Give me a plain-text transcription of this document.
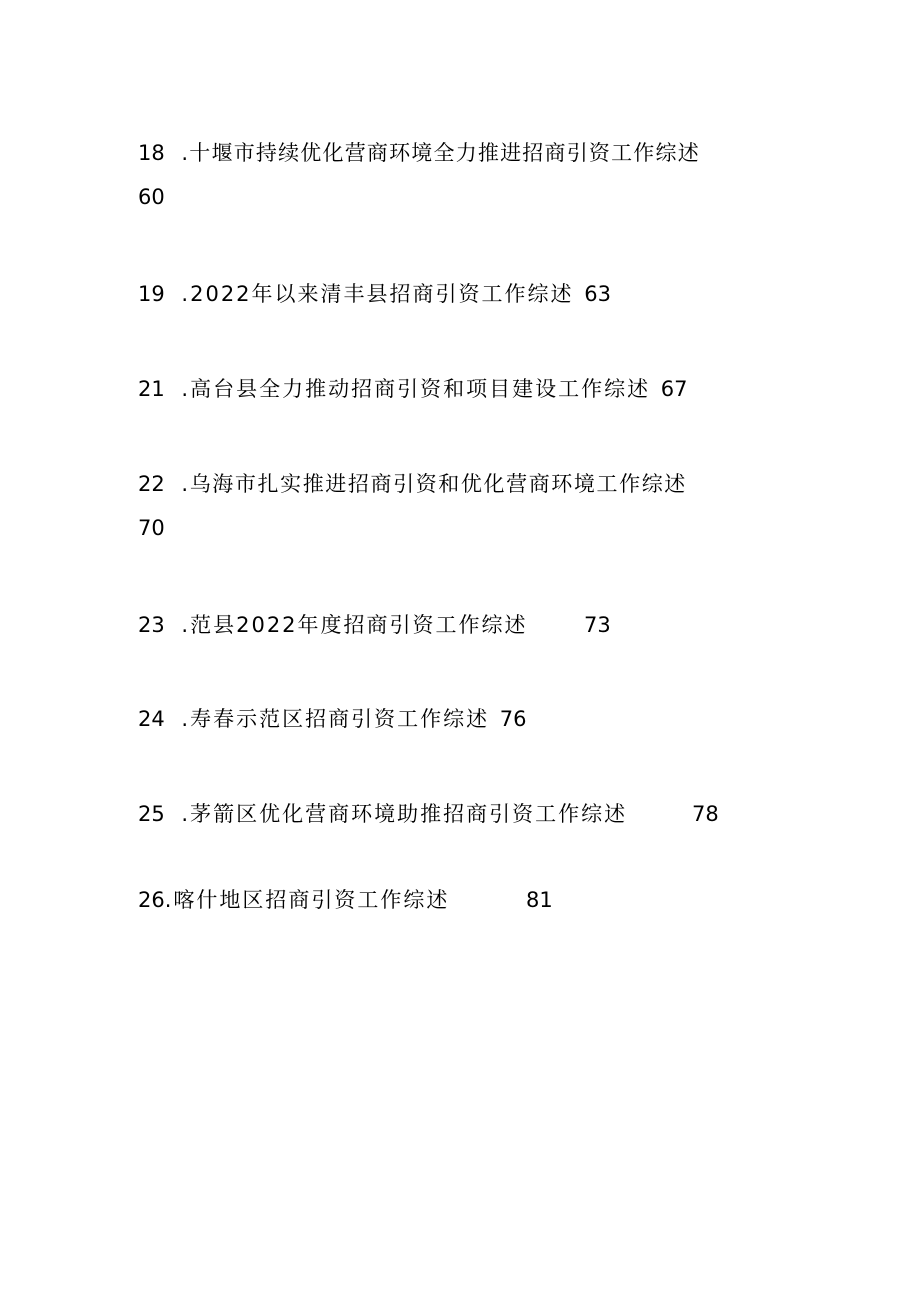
18 .十堰市持续优化营商环境全力推进招商引资工作综述
60
19 .2022年以来清丰县招商引资工作综述 63
21 .高台县全力推动招商引资和项目建设工作综述 67
22 .乌海市扎实推进招商引资和优化营商环境工作综述
70
23 .范县2022年度招商引资工作综述	73
24 .寿春示范区招商引资工作综述 76
25 .茅箭区优化营商环境助推招商引资工作综述	78
26.喀什地区招商引资工作综述	81
